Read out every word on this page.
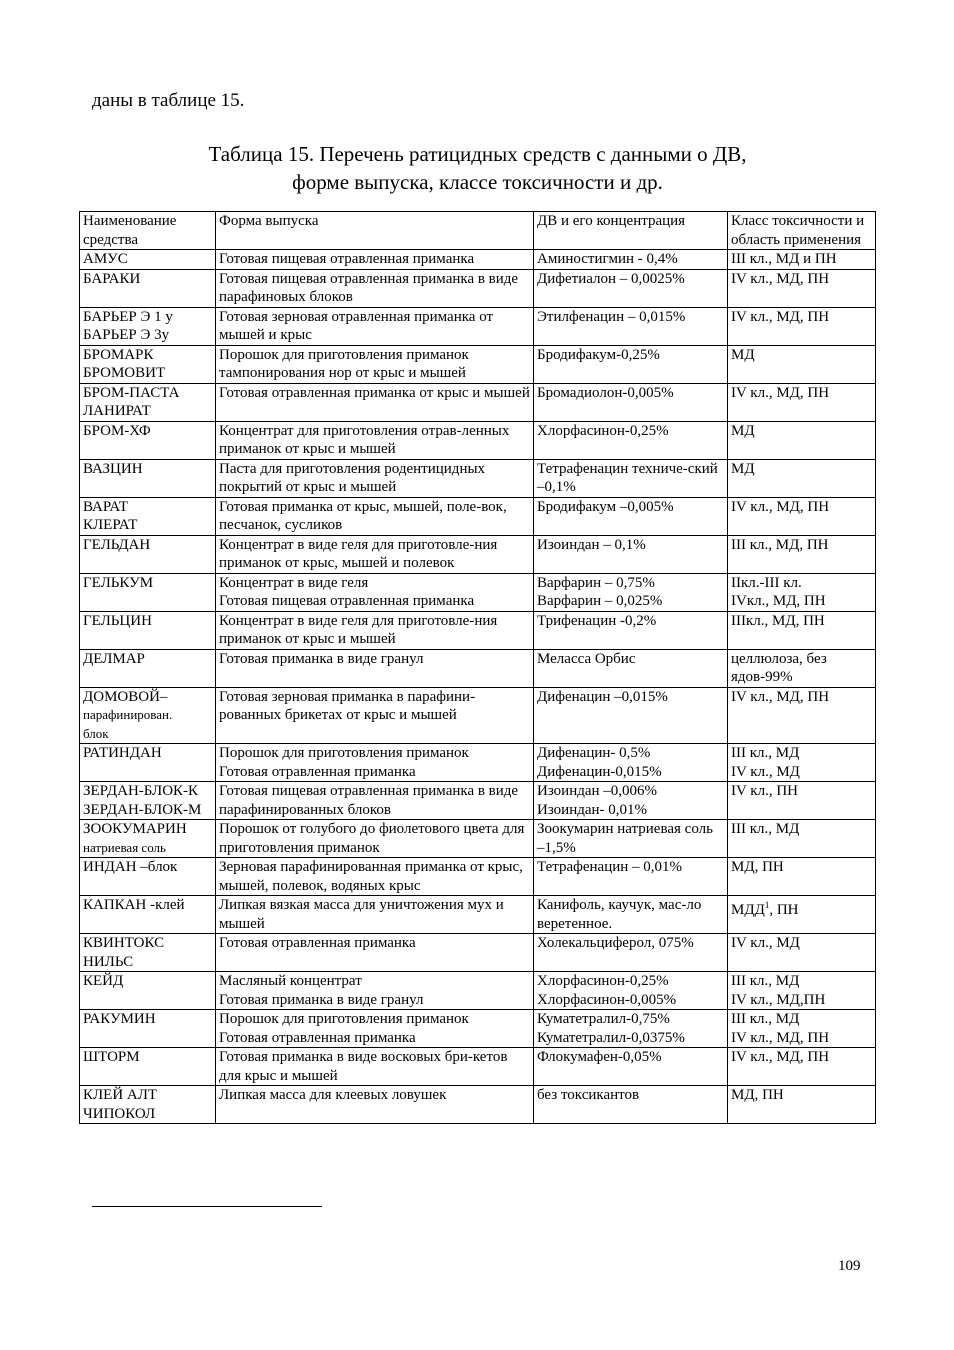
даны в таблице 15.
Таблица 15. Перечень ратицидных средств с данными о ДВ,
форме выпуска, классе токсичности и др.
Наименование средства	Форма выпуска	ДВ и его концентрация	Класс токсичности и область применения

АМУС	Готовая пищевая отравленная приманка	Аминостигмин - 0,4%	III кл., МД и ПН

БАРАКИ	Готовая пищевая отравленная приманка в виде парафиновых блоков	Дифетиалон – 0,0025%	IV кл., МД, ПН

БАРЬЕР Э 1 у
БАРЬЕР Э 3у	Готовая зерновая отравленная приманка от мышей и крыс	Этилфенацин – 0,015%	IV кл., МД, ПН

БРОМАРК
БРОМОВИТ	Порошок для приготовления приманок тампонирования нор от крыс и мышей	Бродифакум-0,25%	МД

БРОМ-ПАСТА
ЛАНИРАТ	Готовая отравленная приманка от крыс и мышей	Бромадиолон-0,005%	IV кл., МД, ПН

БРОМ-ХФ	Концентрат для приготовления отрав-ленных приманок от крыс и мышей	Хлорфасинон-0,25%	МД

ВАЗЦИН	Паста для приготовления родентицидных покрытий от крыс и мышей	Тетрафенацин техниче-ский –0,1%	МД

ВАРАТ
КЛЕРАТ	Готовая приманка от крыс, мышей, поле-вок, песчанок, сусликов	Бродифакум –0,005%	IV кл., МД, ПН

ГЕЛЬДАН	Концентрат в виде геля для приготовле-ния приманок от крыс, мышей и полевок	Изоиндан – 0,1%	III кл., МД, ПН

ГЕЛЬКУМ	Концентрат в виде геля
Готовая пищевая отравленная приманка	Варфарин – 0,75%
Варфарин – 0,025%	IIкл.-III кл.
IVкл., МД, ПН

ГЕЛЬЦИН	Концентрат в виде геля для приготовле-ния приманок от крыс и мышей	Трифенацин -0,2%	IIIкл., МД, ПН

ДЕЛМАР	Готовая приманка в виде гранул	Меласса Орбис	целлюлоза, без ядов-99%

ДОМОВОЙ–
парафинирован.
блок	Готовая зерновая приманка в парафини-рованных брикетах от крыс и мышей	Дифенацин –0,015%	IV кл., МД, ПН

РАТИНДАН	Порошок для приготовления приманок
Готовая отравленная приманка	Дифенацин- 0,5%
Дифенацин-0,015%	III кл., МД
IV кл., МД

ЗЕРДАН-БЛОК-К
ЗЕРДАН-БЛОК-М	Готовая пищевая отравленная приманка в виде парафинированных блоков	Изоиндан –0,006%
Изоиндан- 0,01%	IV кл., ПН

ЗООКУМАРИН
натриевая соль	Порошок от голубого до фиолетового цвета для приготовления приманок	Зоокумарин натриевая соль –1,5%	III кл., МД

ИНДАН –блок	Зерновая парафинированная приманка от крыс, мышей, полевок, водяных крыс	Тетрафенацин – 0,01%	МД, ПН

КАПКАН -клей	Липкая вязкая масса для уничтожения мух и мышей	Канифоль, каучук, мас-ло веретенное.	МДД$^1$, ПН

КВИНТОКС
НИЛЬС	Готовая отравленная приманка	Холекальциферол, 075%	IV кл., МД

КЕЙД	Масляный концентрат
Готовая приманка в виде гранул	Хлорфасинон-0,25%
Хлорфасинон-0,005%	III кл., МД
IV кл., МД,ПН

РАКУМИН	Порошок для приготовления приманок
Готовая отравленная приманка	Куматетралил-0,75%
Куматетралил-0,0375%	III кл., МД
IV кл., МД, ПН

ШТОРМ	Готовая приманка в виде восковых бри-кетов для крыс и мышей	Флокумафен-0,05%	IV кл., МД, ПН

КЛЕЙ АЛТ
ЧИПОКОЛ	Липкая масса для клеевых ловушек	без токсикантов	МД, ПН
109
